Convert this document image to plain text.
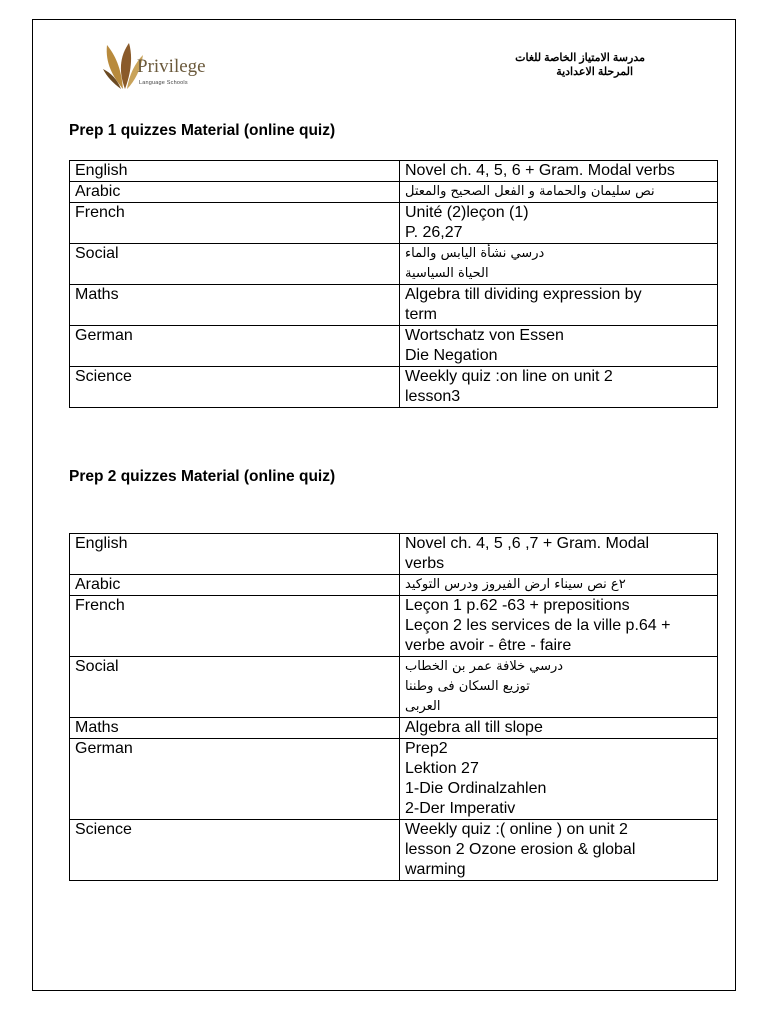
Privilege
Language Schools
مدرسة الامتياز الخاصة للغات
المرحلة الاعدادية
Prep 1 quizzes Material (online quiz)
English	Novel ch. 4, 5, 6 + Gram. Modal verbs

Arabic	نص سليمان والحمامة و الفعل الصحيح والمعتل

French	Unité (2)leçon (1)
P. 26,27

Social	درسي نشأة اليابس والماء
الحياة السياسية

Maths	Algebra till dividing expression by
term

German	Wortschatz von Essen
Die Negation

Science	Weekly quiz :on line on unit 2
lesson3
Prep 2 quizzes Material (online quiz)
English	Novel ch. 4, 5 ,6 ,7 + Gram. Modal
verbs

Arabic	٢ع نص سيناء ارض الفيروز ودرس التوكيد

French	Leçon 1 p.62 -63 + prepositions
Leçon 2 les services de la ville p.64 +
verbe avoir - être - faire

Social	درسي خلافة عمر بن الخطاب
توزيع السكان فى وطننا
العربى

Maths	Algebra all till slope

German	Prep2
Lektion 27
1-Die Ordinalzahlen
2-Der Imperativ

Science	Weekly quiz :( online ) on unit 2
lesson 2 Ozone erosion & global
warming
